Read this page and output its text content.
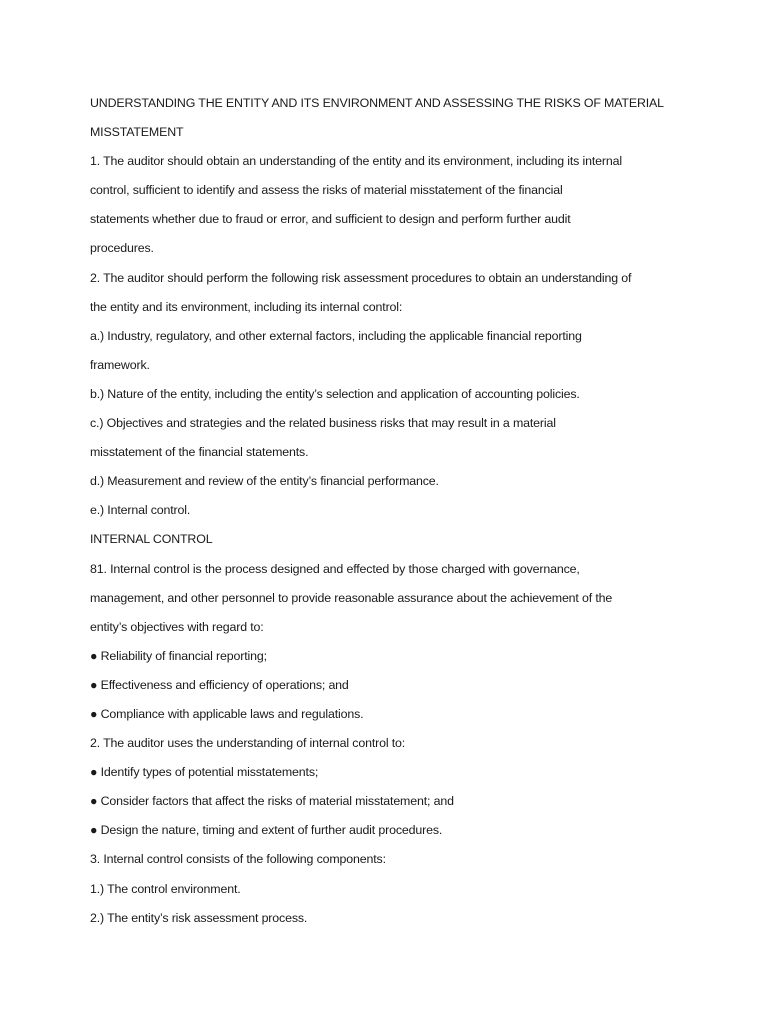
UNDERSTANDING THE ENTITY AND ITS ENVIRONMENT AND ASSESSING THE RISKS OF MATERIAL
MISSTATEMENT
1. The auditor should obtain an understanding of the entity and its environment, including its internal
control, sufficient to identify and assess the risks of material misstatement of the financial
statements whether due to fraud or error, and sufficient to design and perform further audit
procedures.
2. The auditor should perform the following risk assessment procedures to obtain an understanding of
the entity and its environment, including its internal control:
a.) Industry, regulatory, and other external factors, including the applicable financial reporting
framework.
b.) Nature of the entity, including the entity’s selection and application of accounting policies.
c.) Objectives and strategies and the related business risks that may result in a material
misstatement of the financial statements.
d.) Measurement and review of the entity’s financial performance.
e.) Internal control.
INTERNAL CONTROL
81. Internal control is the process designed and effected by those charged with governance,
management, and other personnel to provide reasonable assurance about the achievement of the
entity’s objectives with regard to:
● Reliability of financial reporting;
● Effectiveness and efficiency of operations; and
● Compliance with applicable laws and regulations.
2. The auditor uses the understanding of internal control to:
● Identify types of potential misstatements;
● Consider factors that affect the risks of material misstatement; and
● Design the nature, timing and extent of further audit procedures.
3. Internal control consists of the following components:
1.) The control environment.
2.) The entity’s risk assessment process.
